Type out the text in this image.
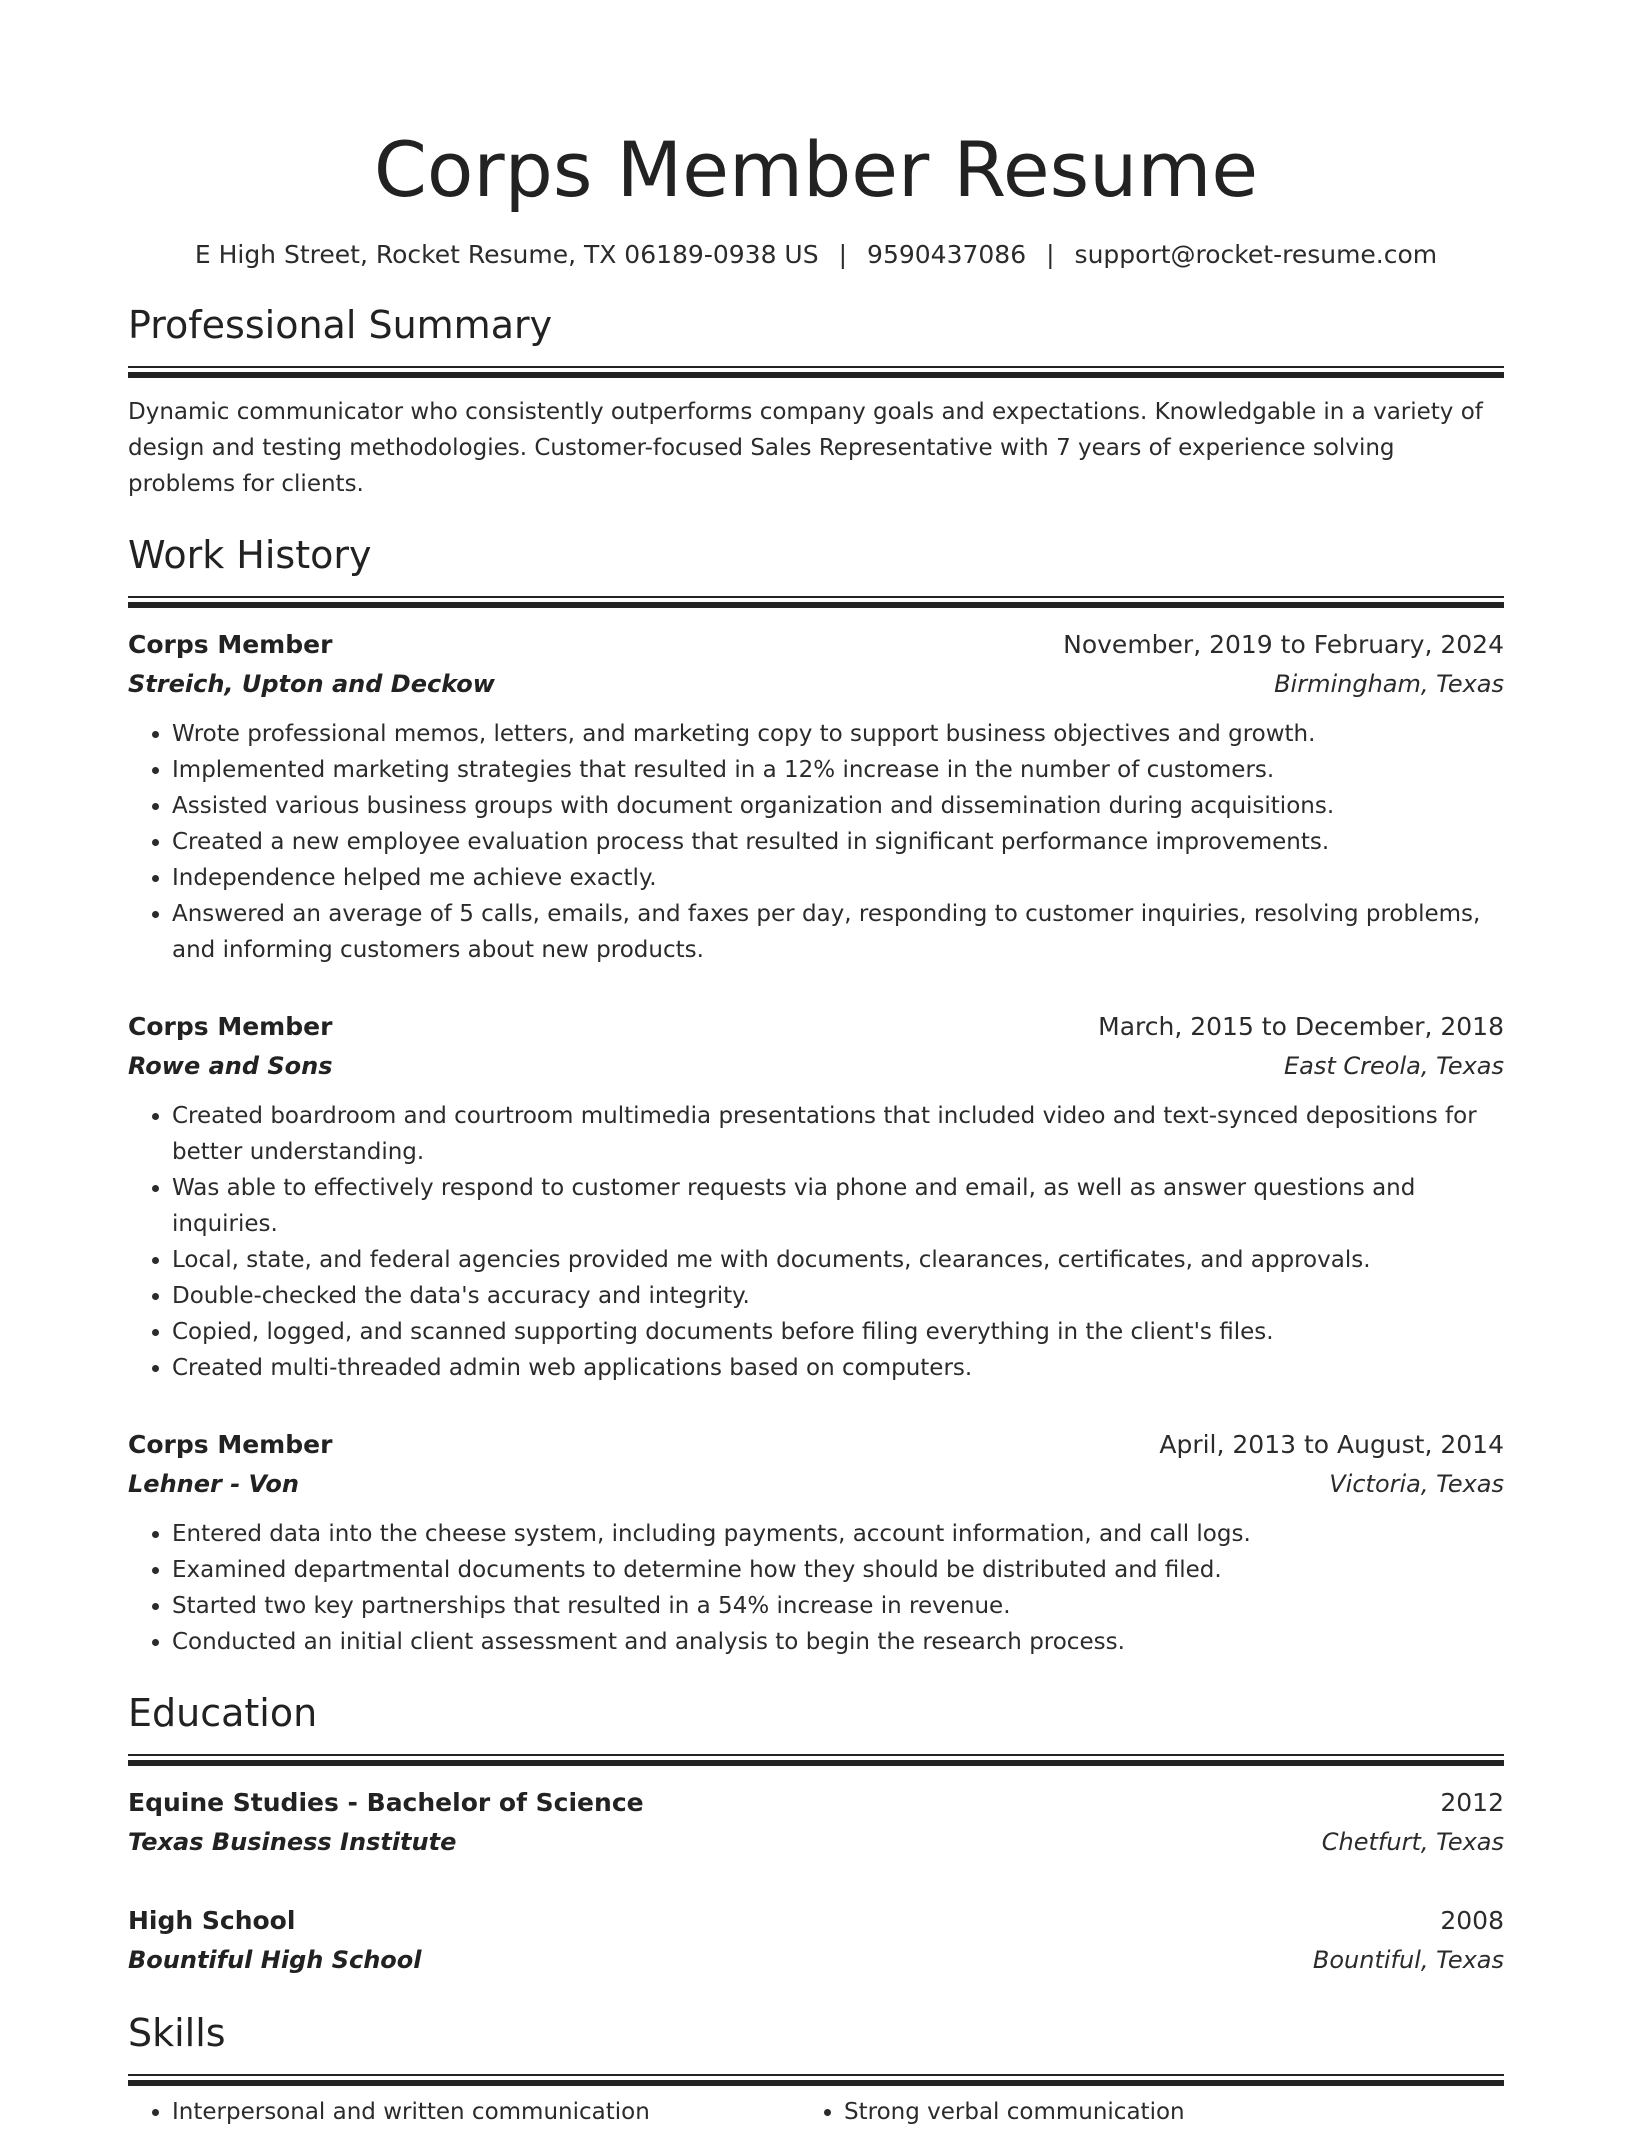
Corps Member Resume
E High Street, Rocket Resume, TX 06189-0938 US | 9590437086 | support@rocket-resume.com
Professional Summary
Dynamic communicator who consistently outperforms company goals and expectations. Knowledgable in a variety of design and testing methodologies. Customer-focused Sales Representative with 7 years of experience solving problems for clients.
Work History
Corps Member	November, 2019 to February, 2024
Streich, Upton and Deckow	Birmingham, Texas
• Wrote professional memos, letters, and marketing copy to support business objectives and growth.
• Implemented marketing strategies that resulted in a 12% increase in the number of customers.
• Assisted various business groups with document organization and dissemination during acquisitions.
• Created a new employee evaluation process that resulted in significant performance improvements.
• Independence helped me achieve exactly.
• Answered an average of 5 calls, emails, and faxes per day, responding to customer inquiries, resolving problems, and informing customers about new products.
Corps Member	March, 2015 to December, 2018
Rowe and Sons	East Creola, Texas
• Created boardroom and courtroom multimedia presentations that included video and text-synced depositions for better understanding.
• Was able to effectively respond to customer requests via phone and email, as well as answer questions and inquiries.
• Local, state, and federal agencies provided me with documents, clearances, certificates, and approvals.
• Double-checked the data's accuracy and integrity.
• Copied, logged, and scanned supporting documents before filing everything in the client's files.
• Created multi-threaded admin web applications based on computers.
Corps Member	April, 2013 to August, 2014
Lehner - Von	Victoria, Texas
• Entered data into the cheese system, including payments, account information, and call logs.
• Examined departmental documents to determine how they should be distributed and filed.
• Started two key partnerships that resulted in a 54% increase in revenue.
• Conducted an initial client assessment and analysis to begin the research process.
Education
Equine Studies - Bachelor of Science	2012
Texas Business Institute	Chetfurt, Texas
High School	2008
Bountiful High School	Bountiful, Texas
Skills
• Interpersonal and written communication
•	Strong verbal communication
